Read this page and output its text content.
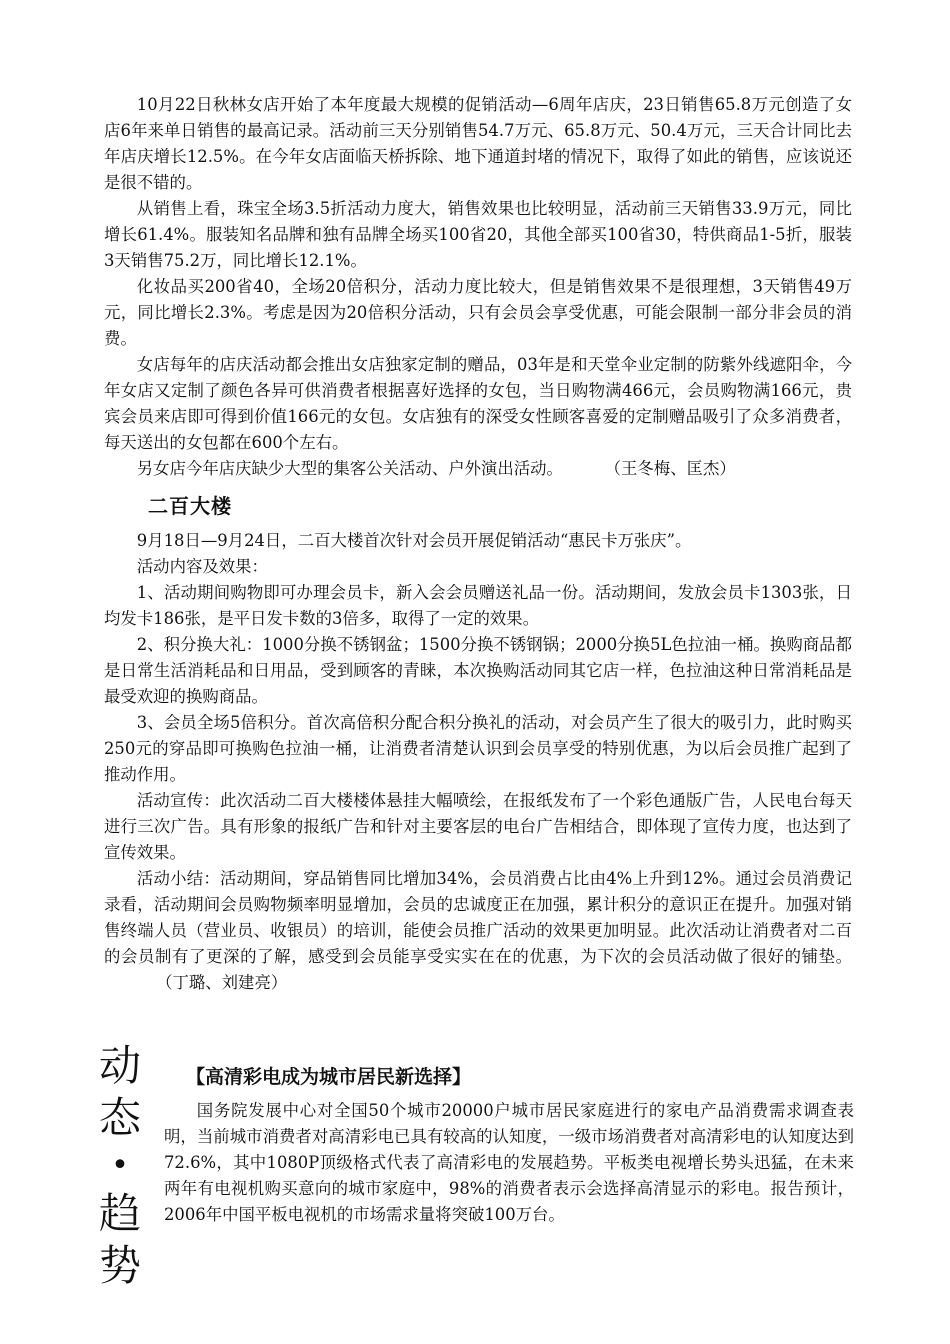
10月22日秋林女店开始了本年度最大规模的促销活动—6周年店庆，23日销售65.8万元创造了女店6年来单日销售的最高记录。活动前三天分别销售54.7万元、65.8万元、50.4万元，三天合计同比去年店庆增长12.5%。在今年女店面临天桥拆除、地下通道封堵的情况下，取得了如此的销售，应该说还是很不错的。

从销售上看，珠宝全场3.5折活动力度大，销售效果也比较明显，活动前三天销售33.9万元，同比增长61.4%。服装知名品牌和独有品牌全场买100省20，其他全部买100省30，特供商品1-5折，服装3天销售75.2万，同比增长12.1%。

化妆品买200省40，全场20倍积分，活动力度比较大，但是销售效果不是很理想，3天销售49万元，同比增长2.3%。考虑是因为20倍积分活动，只有会员会享受优惠，可能会限制一部分非会员的消费。

女店每年的店庆活动都会推出女店独家定制的赠品，03年是和天堂伞业定制的防紫外线遮阳伞，今年女店又定制了颜色各异可供消费者根据喜好选择的女包，当日购物满466元，会员购物满166元，贵宾会员来店即可得到价值166元的女包。女店独有的深受女性顾客喜爱的定制赠品吸引了众多消费者，每天送出的女包都在600个左右。

另女店今年店庆缺少大型的集客公关活动、户外演出活动。	（王冬梅、匡杰）

二百大楼

9月18日—9月24日，二百大楼首次针对会员开展促销活动“惠民卡万张庆”。

活动内容及效果：

1、活动期间购物即可办理会员卡，新入会会员赠送礼品一份。活动期间，发放会员卡1303张，日均发卡186张，是平日发卡数的3倍多，取得了一定的效果。

2、积分换大礼：1000分换不锈钢盆；1500分换不锈钢锅；2000分换5L色拉油一桶。换购商品都是日常生活消耗品和日用品，受到顾客的青睐，本次换购活动同其它店一样，色拉油这种日常消耗品是最受欢迎的换购商品。

3、会员全场5倍积分。首次高倍积分配合积分换礼的活动，对会员产生了很大的吸引力，此时购买250元的穿品即可换购色拉油一桶，让消费者清楚认识到会员享受的特别优惠，为以后会员推广起到了推动作用。

活动宣传：此次活动二百大楼楼体悬挂大幅喷绘，在报纸发布了一个彩色通版广告，人民电台每天进行三次广告。具有形象的报纸广告和针对主要客层的电台广告相结合，即体现了宣传力度，也达到了宣传效果。

活动小结：活动期间，穿品销售同比增加34%，会员消费占比由4%上升到12%。通过会员消费记录看，活动期间会员购物频率明显增加，会员的忠诚度正在加强，累计积分的意识正在提升。加强对销售终端人员（营业员、收银员）的培训，能使会员推广活动的效果更加明显。此次活动让消费者对二百的会员制有了更深的了解，感受到会员能享受实实在在的优惠，为下次的会员活动做了很好的铺垫。          （丁璐、刘建亮）

动
态
•
趋
势
【高清彩电成为城市居民新选择】

国务院发展中心对全国50个城市20000户城市居民家庭进行的家电产品消费需求调查表明，当前城市消费者对高清彩电已具有较高的认知度，一级市场消费者对高清彩电的认知度达到72.6%，其中1080P顶级格式代表了高清彩电的发展趋势。平板类电视增长势头迅猛，在未来两年有电视机购买意向的城市家庭中，98%的消费者表示会选择高清显示的彩电。报告预计，2006年中国平板电视机的市场需求量将突破100万台。
